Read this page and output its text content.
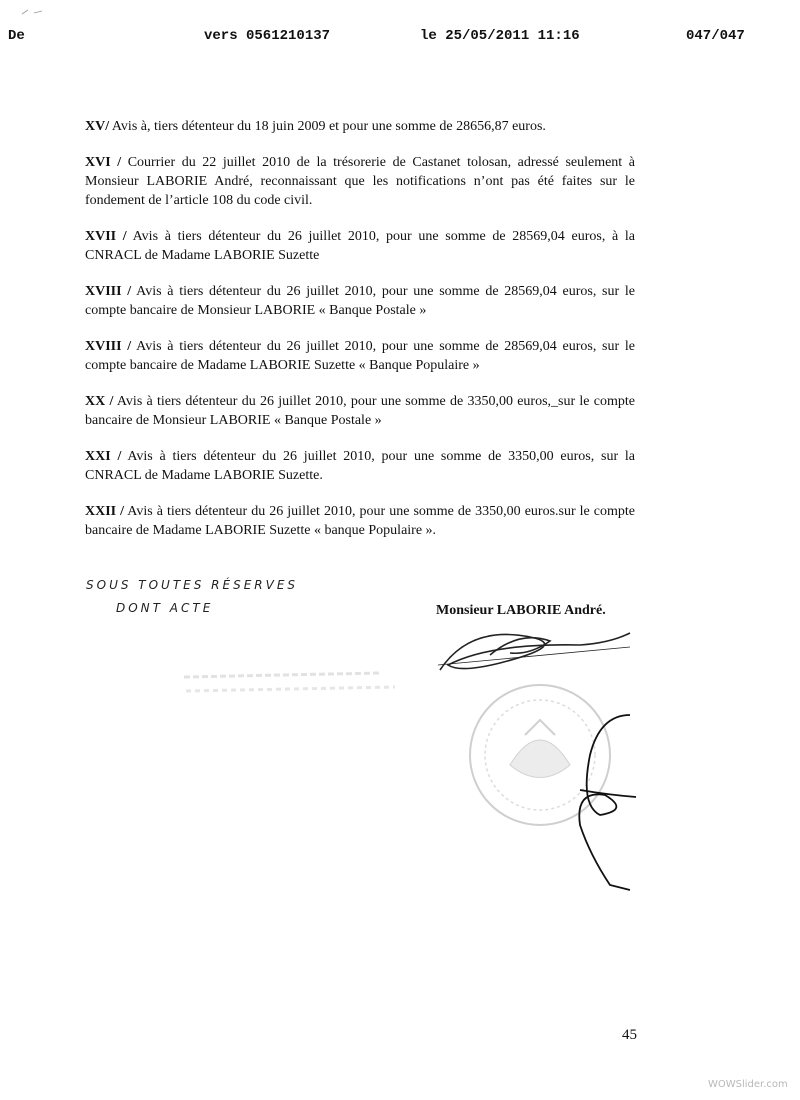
De	vers 0561210137	le 25/05/2011 11:16	047/047

XV/ Avis à, tiers détenteur du 18 juin 2009 et pour une somme de 28656,87 euros.

XVI / Courrier du 22 juillet 2010 de la trésorerie de Castanet tolosan, adressé seulement à Monsieur LABORIE André, reconnaissant que les notifications n’ont pas été faites sur le fondement de l’article 108 du code civil.

XVII / Avis à tiers détenteur du 26 juillet 2010, pour une somme de 28569,04 euros, à la CNRACL de Madame LABORIE Suzette

XVIII / Avis à tiers détenteur du 26 juillet 2010, pour une somme de 28569,04 euros, sur le compte bancaire de Monsieur LABORIE « Banque Postale »

XVIII / Avis à tiers détenteur du 26 juillet 2010, pour une somme de 28569,04 euros, sur le compte bancaire de Madame LABORIE Suzette « Banque Populaire »

XX / Avis à tiers détenteur du 26 juillet 2010, pour une somme de 3350,00 euros,_sur le compte bancaire de Monsieur LABORIE « Banque Postale »

XXI / Avis à tiers détenteur du 26 juillet 2010, pour une somme de 3350,00 euros, sur la CNRACL de Madame LABORIE Suzette.

XXII / Avis à tiers détenteur du 26 juillet 2010, pour une somme de 3350,00 euros.sur le compte bancaire de Madame LABORIE Suzette « banque Populaire ».

SOUS TOUTES RÉSERVES
DONT ACTE	Monsieur LABORIE André.
45
WOWSlider.com
